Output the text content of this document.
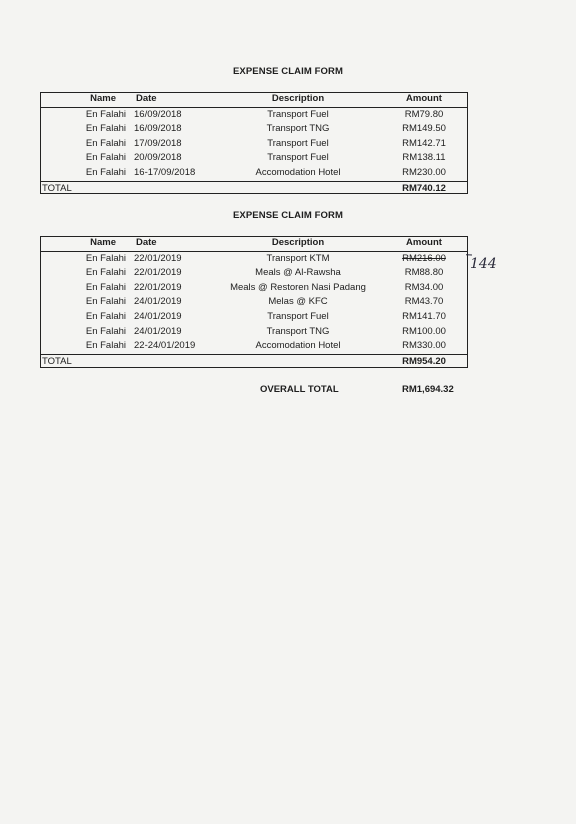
EXPENSE CLAIM FORM
Name	Date	Description	Amount
En Falahi	16/09/2018	Transport Fuel	RM79.80
En Falahi	16/09/2018	Transport TNG	RM149.50
En Falahi	17/09/2018	Transport Fuel	RM142.71
En Falahi	20/09/2018	Transport Fuel	RM138.11
En Falahi	16-17/09/2018	Accomodation Hotel	RM230.00
TOTAL			RM740.12
EXPENSE CLAIM FORM
Name	Date	Description	Amount
En Falahi	22/01/2019	Transport KTM	RM216.00
En Falahi	22/01/2019	Meals @ Al-Rawsha	RM88.80
En Falahi	22/01/2019	Meals @ Restoren Nasi Padang	RM34.00
En Falahi	24/01/2019	Melas @ KFC	RM43.70
En Falahi	24/01/2019	Transport Fuel	RM141.70
En Falahi	24/01/2019	Transport TNG	RM100.00
En Falahi	22-24/01/2019	Accomodation Hotel	RM330.00
TOTAL			RM954.20
144
OVERALL TOTAL	RM1,694.32
